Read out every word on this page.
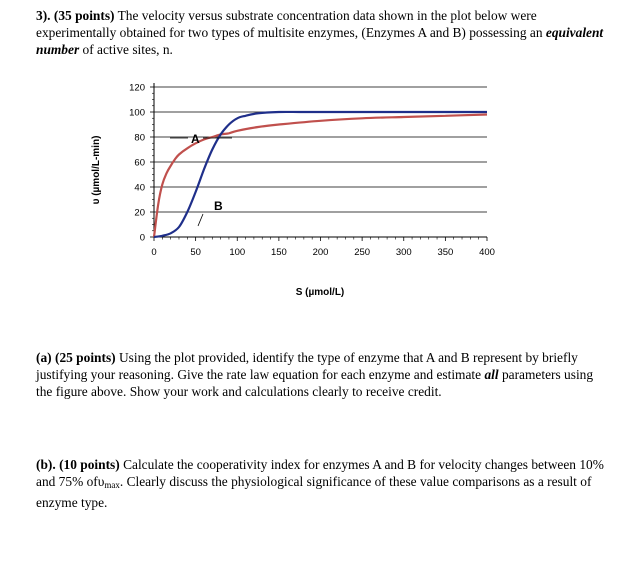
3). (35 points) The velocity versus substrate concentration data shown in the plot below were experimentally obtained for two types of multisite enzymes, (Enzymes A and B) possessing an equivalent number of active sites, n.
0
20
40
60
80
100
120
0	50	100	150	200	250	300	350	400
A
B
S (µmol/L)
υ (µmol/L-min)
(a) (25 points) Using the plot provided, identify the type of enzyme that A and B represent by briefly justifying your reasoning. Give the rate law equation for each enzyme and estimate all parameters using the figure above. Show your work and calculations clearly to receive credit.
(b). (10 points) Calculate the cooperativity index for enzymes A and B for velocity changes between 10% and 75% ofυ$_{max}$. Clearly discuss the physiological significance of these value comparisons as a result of enzyme type.
